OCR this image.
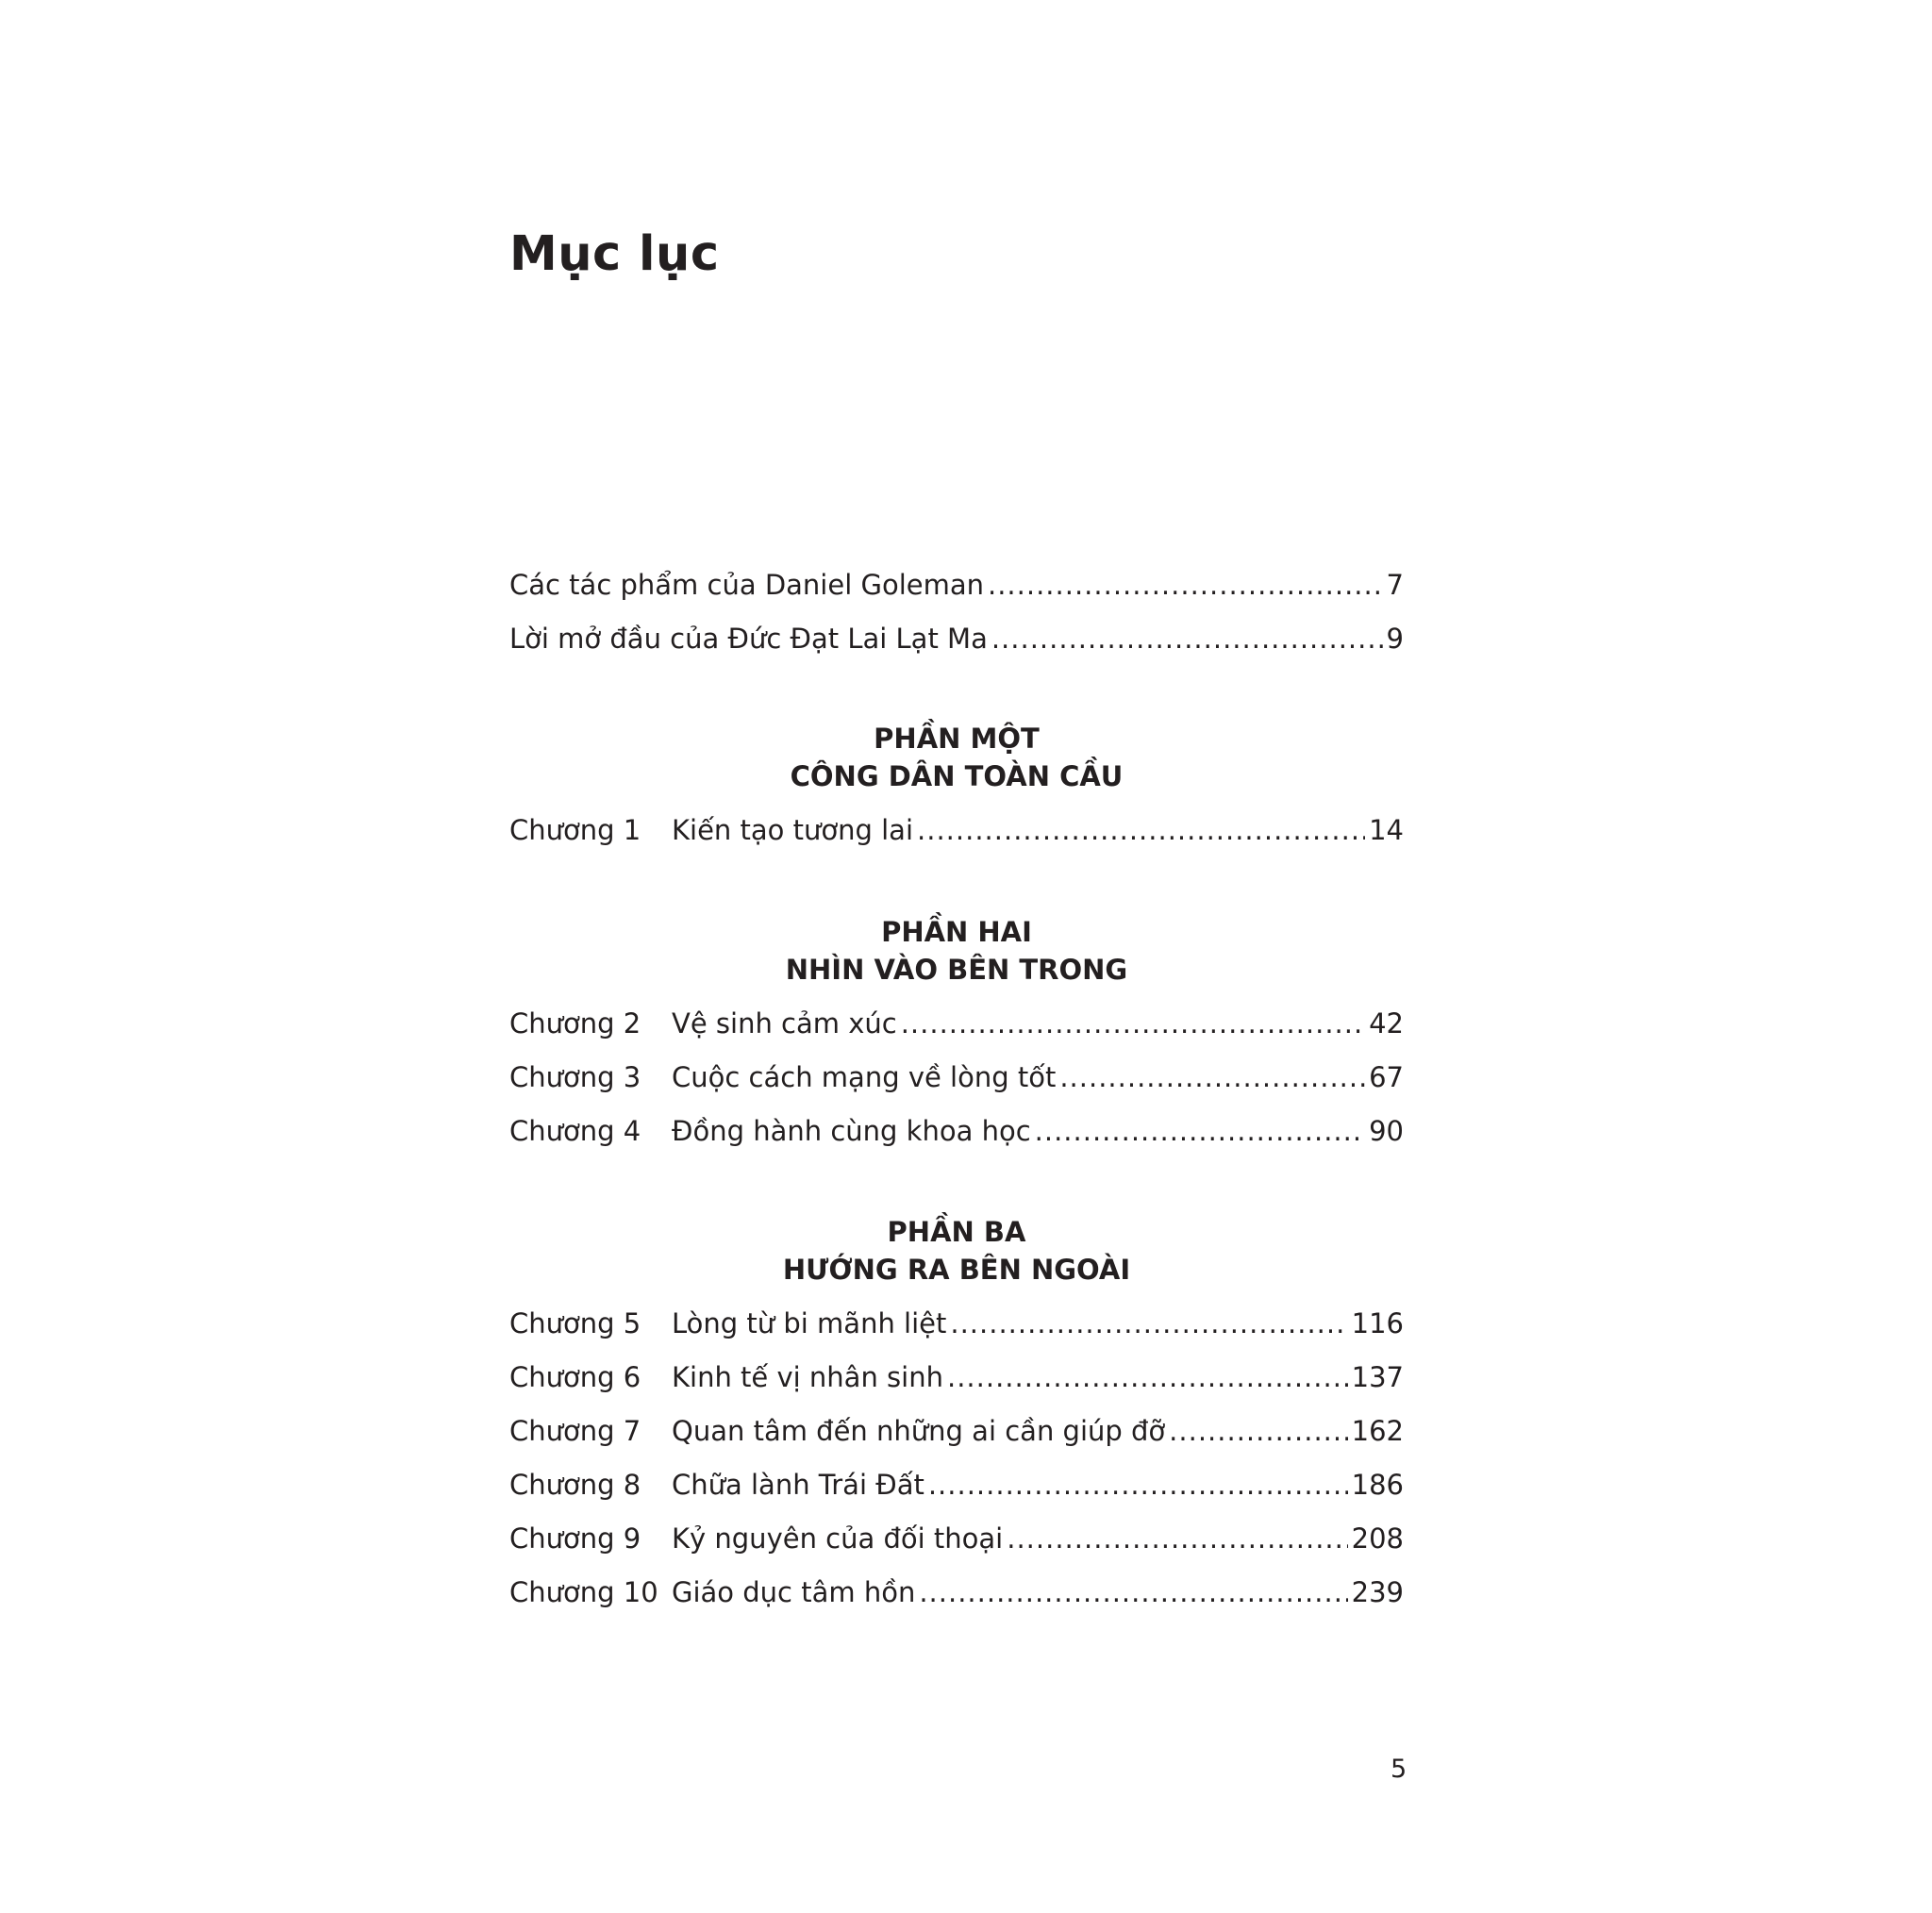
Mục lục
Các tác phẩm của Daniel Goleman .....	7
Lời mở đầu của Đức Đạt Lai Lạt Ma .....	9
PHẦN MỘT
CÔNG DÂN TOÀN CẦU
Chương 1	Kiến tạo tương lai .....	14
PHẦN HAI
NHÌN VÀO BÊN TRONG
Chương 2	Vệ sinh cảm xúc .....	42
Chương 3	Cuộc cách mạng về lòng tốt .....	67
Chương 4	Đồng hành cùng khoa học .....	90
PHẦN BA
HƯỚNG RA BÊN NGOÀI
Chương 5	Lòng từ bi mãnh liệt .....	116
Chương 6	Kinh tế vị nhân sinh .....	137
Chương 7	Quan tâm đến những ai cần giúp đỡ .....	162
Chương 8	Chữa lành Trái Đất .....	186
Chương 9	Kỷ nguyên của đối thoại .....	208
Chương 10 Giáo dục tâm hồn .....	239
5
